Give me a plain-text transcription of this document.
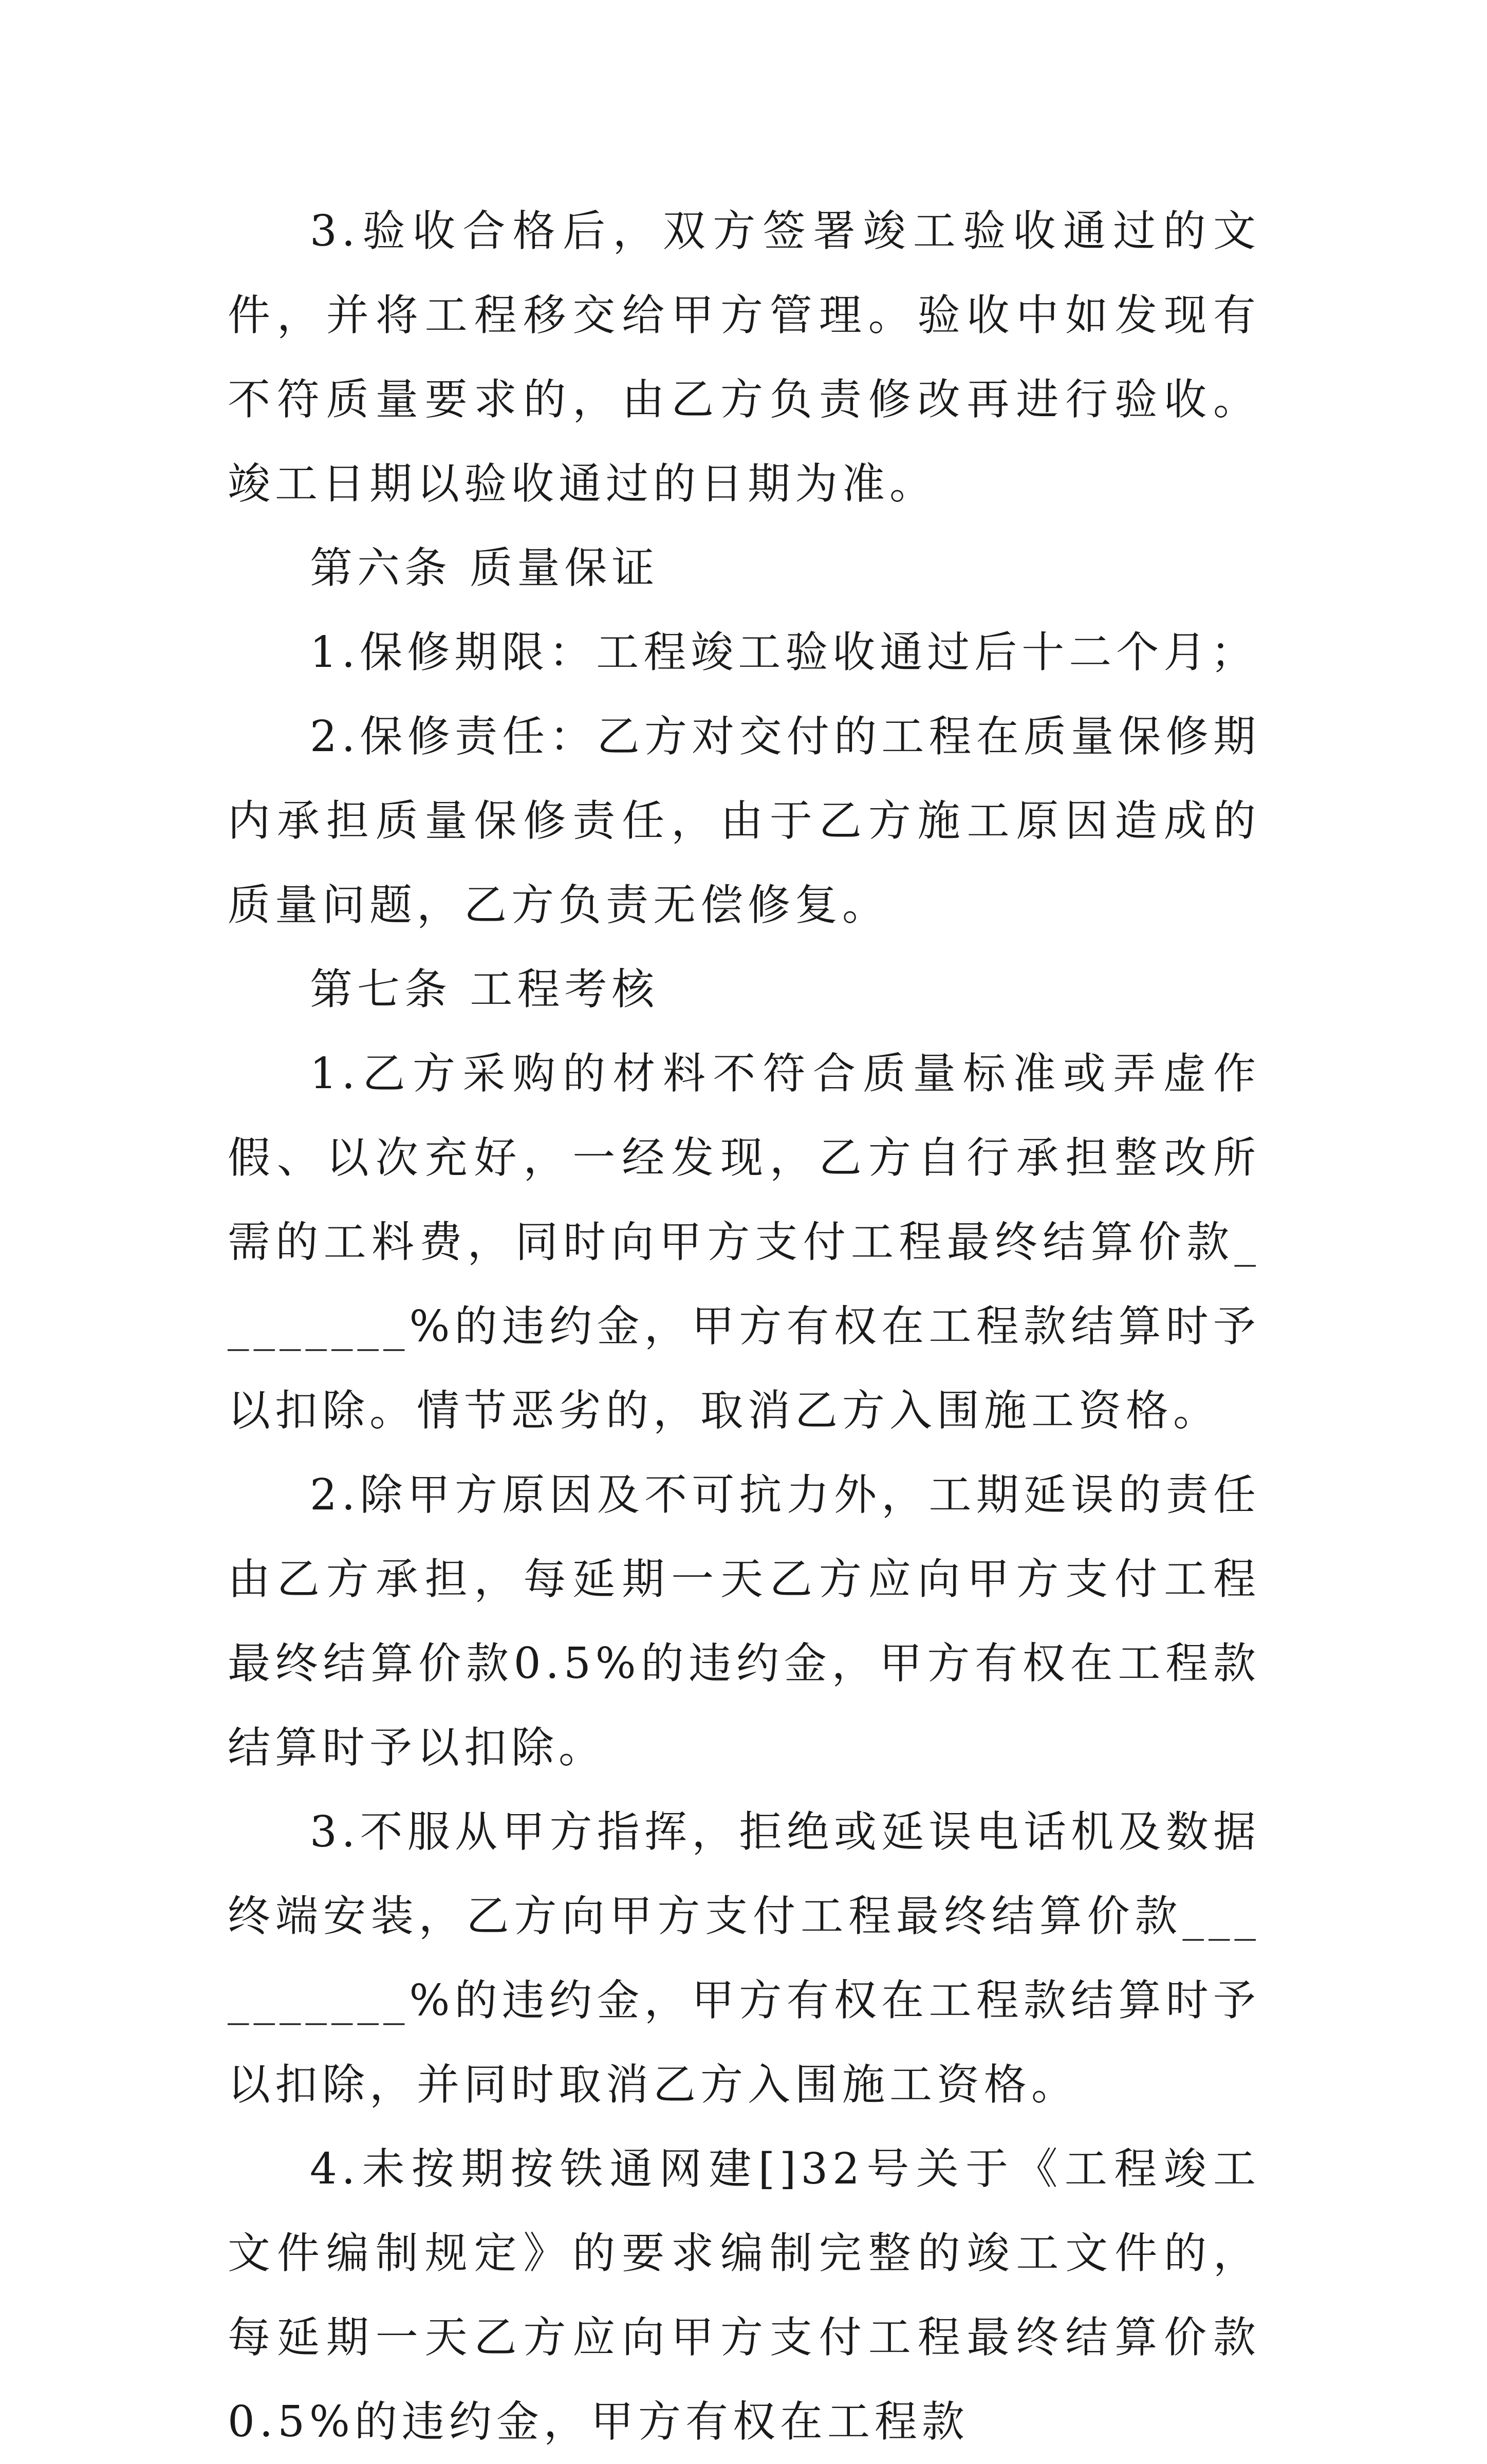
3.验收合格后，双方签署竣工验收通过的文件，并将工程移交给甲方管理。验收中如发现有不符质量要求的，由乙方负责修改再进行验收。竣工日期以验收通过的日期为准。

第六条 质量保证

1.保修期限：工程竣工验收通过后十二个月；

2.保修责任：乙方对交付的工程在质量保修期内承担质量保修责任，由于乙方施工原因造成的质量问题，乙方负责无偿修复。

第七条 工程考核

1.乙方采购的材料不符合质量标准或弄虚作假、以次充好，一经发现，乙方自行承担整改所需的工料费，同时向甲方支付工程最终结算价款________%的违约金，甲方有权在工程款结算时予以扣除。情节恶劣的，取消乙方入围施工资格。

2.除甲方原因及不可抗力外，工期延误的责任由乙方承担，每延期一天乙方应向甲方支付工程最终结算价款0.5%的违约金，甲方有权在工程款结算时予以扣除。

3.不服从甲方指挥，拒绝或延误电话机及数据终端安装，乙方向甲方支付工程最终结算价款__________%的违约金，甲方有权在工程款结算时予以扣除，并同时取消乙方入围施工资格。

4.未按期按铁通网建[]32号关于《工程竣工文件编制规定》的要求编制完整的竣工文件的，每延期一天乙方应向甲方支付工程最终结算价款0.5%的违约金，甲方有权在工程款
